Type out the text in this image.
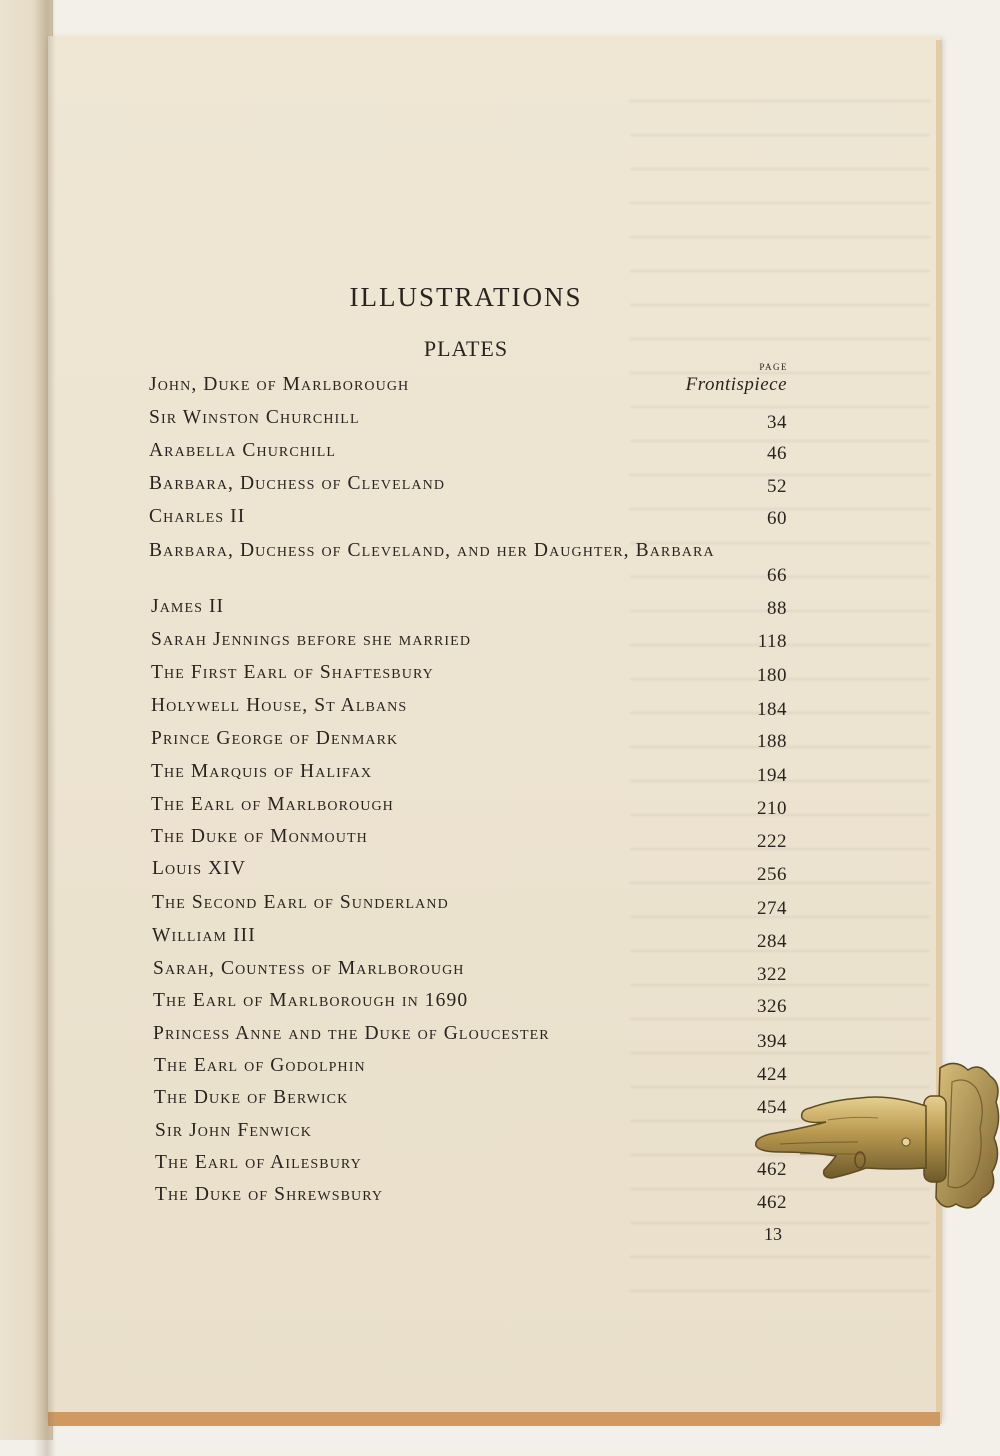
ILLUSTRATIONS
PLATES
PAGE
John, Duke of Marlborough	Frontispiece
Sir Winston Churchill	34
Arabella Churchill	46
Barbara, Duchess of Cleveland	52
Charles II	60
Barbara, Duchess of Cleveland, and her Daughter, Barbara
66
James II	88
Sarah Jennings before she married	118
The First Earl of Shaftesbury	180
Holywell House, St Albans	184
Prince George of Denmark	188
The Marquis of Halifax	194
The Earl of Marlborough	210
The Duke of Monmouth	222
Louis XIV	256
The Second Earl of Sunderland	274
William III	284
Sarah, Countess of Marlborough	322
The Earl of Marlborough in 1690	326
Princess Anne and the Duke of Gloucester	394
The Earl of Godolphin	424
The Duke of Berwick	454
Sir John Fenwick
The Earl of Ailesbury	462
The Duke of Shrewsbury	462
13
